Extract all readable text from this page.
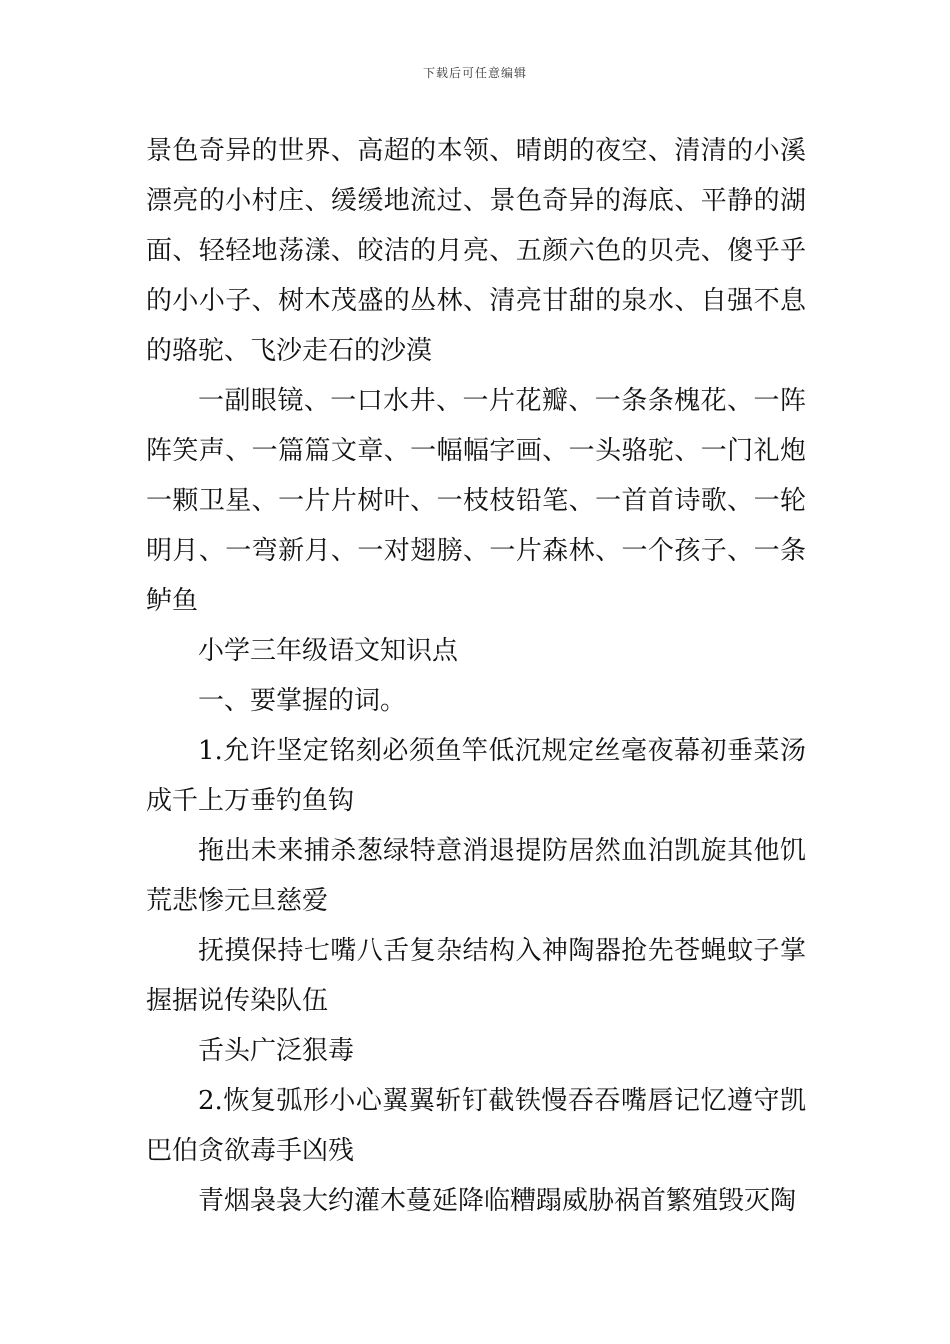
下载后可任意编辑

景色奇异的世界、高超的本领、晴朗的夜空、清清的小溪漂亮的小村庄、缓缓地流过、景色奇异的海底、平静的湖面、轻轻地荡漾、皎洁的月亮、五颜六色的贝壳、傻乎乎的小小子、树木茂盛的丛林、清亮甘甜的泉水、自强不息的骆驼、飞沙走石的沙漠

一副眼镜、一口水井、一片花瓣、一条条槐花、一阵阵笑声、一篇篇文章、一幅幅字画、一头骆驼、一门礼炮一颗卫星、一片片树叶、一枝枝铅笔、一首首诗歌、一轮明月、一弯新月、一对翅膀、一片森林、一个孩子、一条鲈鱼

小学三年级语文知识点

一、要掌握的词。

1.允许坚定铭刻必须鱼竿低沉规定丝毫夜幕初垂菜汤成千上万垂钓鱼钩

拖出未来捕杀葱绿特意消退提防居然血泊凯旋其他饥荒悲惨元旦慈爱

抚摸保持七嘴八舌复杂结构入神陶器抢先苍蝇蚊子掌握据说传染队伍

舌头广泛狠毒

2.恢复弧形小心翼翼斩钉截铁慢吞吞嘴唇记忆遵守凯巴伯贪欲毒手凶残

青烟袅袅大约灌木蔓延降临糟蹋威胁祸首繁殖毁灭陶
